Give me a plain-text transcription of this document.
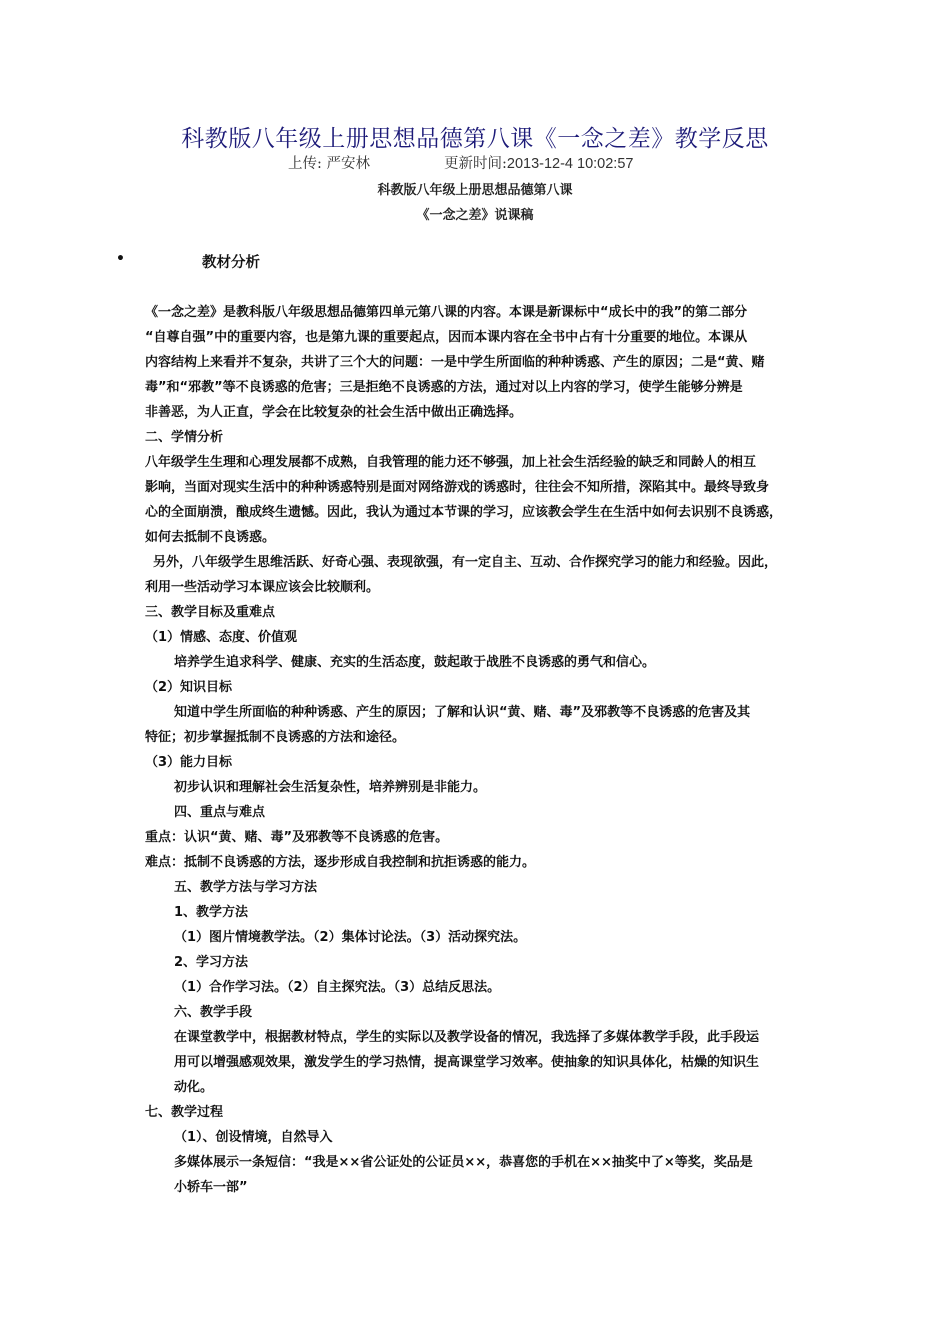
科教版八年级上册思想品德第八课《一念之差》教学反思
上传: 严安林	更新时间:2013-12-4 10:02:57
科教版八年级上册思想品德第八课
《一念之差》说课稿
•	教材分析
《一念之差》是教科版八年级思想品德第四单元第八课的内容。本课是新课标中“成长中的我”的第二部分
“自尊自强”中的重要内容，也是第九课的重要起点，因而本课内容在全书中占有十分重要的地位。本课从
内容结构上来看并不复杂，共讲了三个大的问题：一是中学生所面临的种种诱惑、产生的原因；二是“黄、赌
毒”和“邪教”等不良诱惑的危害；三是拒绝不良诱惑的方法，通过对以上内容的学习，使学生能够分辨是
非善恶，为人正直，学会在比较复杂的社会生活中做出正确选择。
二、学情分析
八年级学生生理和心理发展都不成熟，自我管理的能力还不够强，加上社会生活经验的缺乏和同龄人的相互
影响，当面对现实生活中的种种诱惑特别是面对网络游戏的诱惑时，往往会不知所措，深陷其中。最终导致身
心的全面崩溃，酿成终生遗憾。因此，我认为通过本节课的学习，应该教会学生在生活中如何去识别不良诱惑，
如何去抵制不良诱惑。
另外，八年级学生思维活跃、好奇心强、表现欲强，有一定自主、互动、合作探究学习的能力和经验。因此，
利用一些活动学习本课应该会比较顺利。
三、教学目标及重难点
（1）情感、态度、价值观
培养学生追求科学、健康、充实的生活态度，鼓起敢于战胜不良诱惑的勇气和信心。
（2）知识目标
知道中学生所面临的种种诱惑、产生的原因；了解和认识“黄、赌、毒”及邪教等不良诱惑的危害及其
特征；初步掌握抵制不良诱惑的方法和途径。
（3）能力目标
初步认识和理解社会生活复杂性，培养辨别是非能力。
四、重点与难点
重点：认识“黄、赌、毒”及邪教等不良诱惑的危害。
难点：抵制不良诱惑的方法，逐步形成自我控制和抗拒诱惑的能力。
五、教学方法与学习方法
1、教学方法
（1）图片情境教学法。（2）集体讨论法。（3）活动探究法。
2、学习方法
（1）合作学习法。（2）自主探究法。（3）总结反思法。
六、教学手段
在课堂教学中，根据教材特点，学生的实际以及教学设备的情况，我选择了多媒体教学手段，此手段运
用可以增强感观效果，激发学生的学习热情，提高课堂学习效率。使抽象的知识具体化，枯燥的知识生
动化。
七、教学过程
（1）、创设情境，自然导入
多媒体展示一条短信：“我是××省公证处的公证员××，恭喜您的手机在××抽奖中了×等奖，奖品是
小轿车一部”
